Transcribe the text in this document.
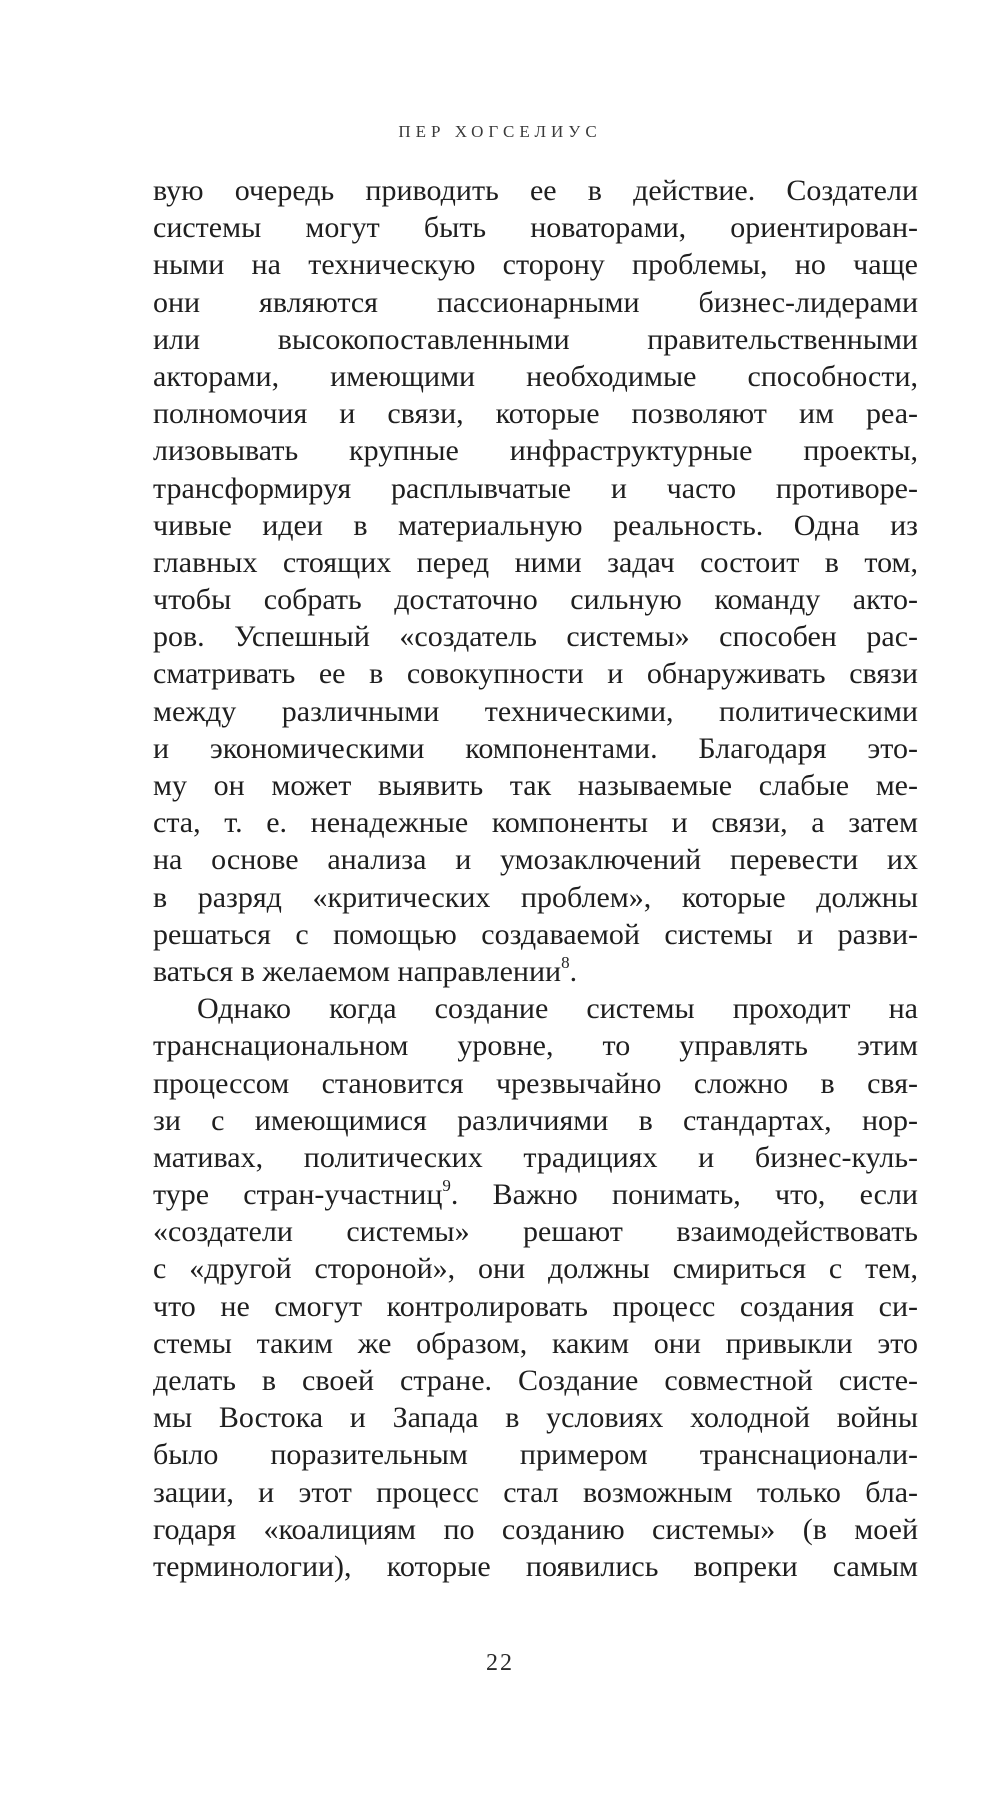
ПЕР ХОГСЕЛИУС
вую очередь приводить ее в действие. Создатели
системы могут быть новаторами, ориентирован-
ными на техническую сторону проблемы, но чаще
они являются пассионарными бизнес-лидерами
или высокопоставленными правительственными
акторами, имеющими необходимые способности,
полномочия и связи, которые позволяют им реа-
лизовывать крупные инфраструктурные проекты,
трансформируя расплывчатые и часто противоре-
чивые идеи в материальную реальность. Одна из
главных стоящих перед ними задач состоит в том,
чтобы собрать достаточно сильную команду акто-
ров. Успешный «создатель системы» способен рас-
сматривать ее в совокупности и обнаруживать связи
между различными техническими, политическими
и экономическими компонентами. Благодаря это-
му он может выявить так называемые слабые ме-
ста, т. е. ненадежные компоненты и связи, а затем
на основе анализа и умозаключений перевести их
в разряд «критических проблем», которые должны
решаться с помощью создаваемой системы и разви-
ваться в желаемом направлении$^8$.
Однако когда создание системы проходит на
транснациональном уровне, то управлять этим
процессом становится чрезвычайно сложно в свя-
зи с имеющимися различиями в стандартах, нор-
мативах, политических традициях и бизнес-куль-
туре стран-участниц$^9$. Важно понимать, что, если
«создатели системы» решают взаимодействовать
с «другой стороной», они должны смириться с тем,
что не смогут контролировать процесс создания си-
стемы таким же образом, каким они привыкли это
делать в своей стране. Создание совместной систе-
мы Востока и Запада в условиях холодной войны
было поразительным примером транснационали-
зации, и этот процесс стал возможным только бла-
годаря «коалициям по созданию системы» (в моей
терминологии), которые появились вопреки самым
22
